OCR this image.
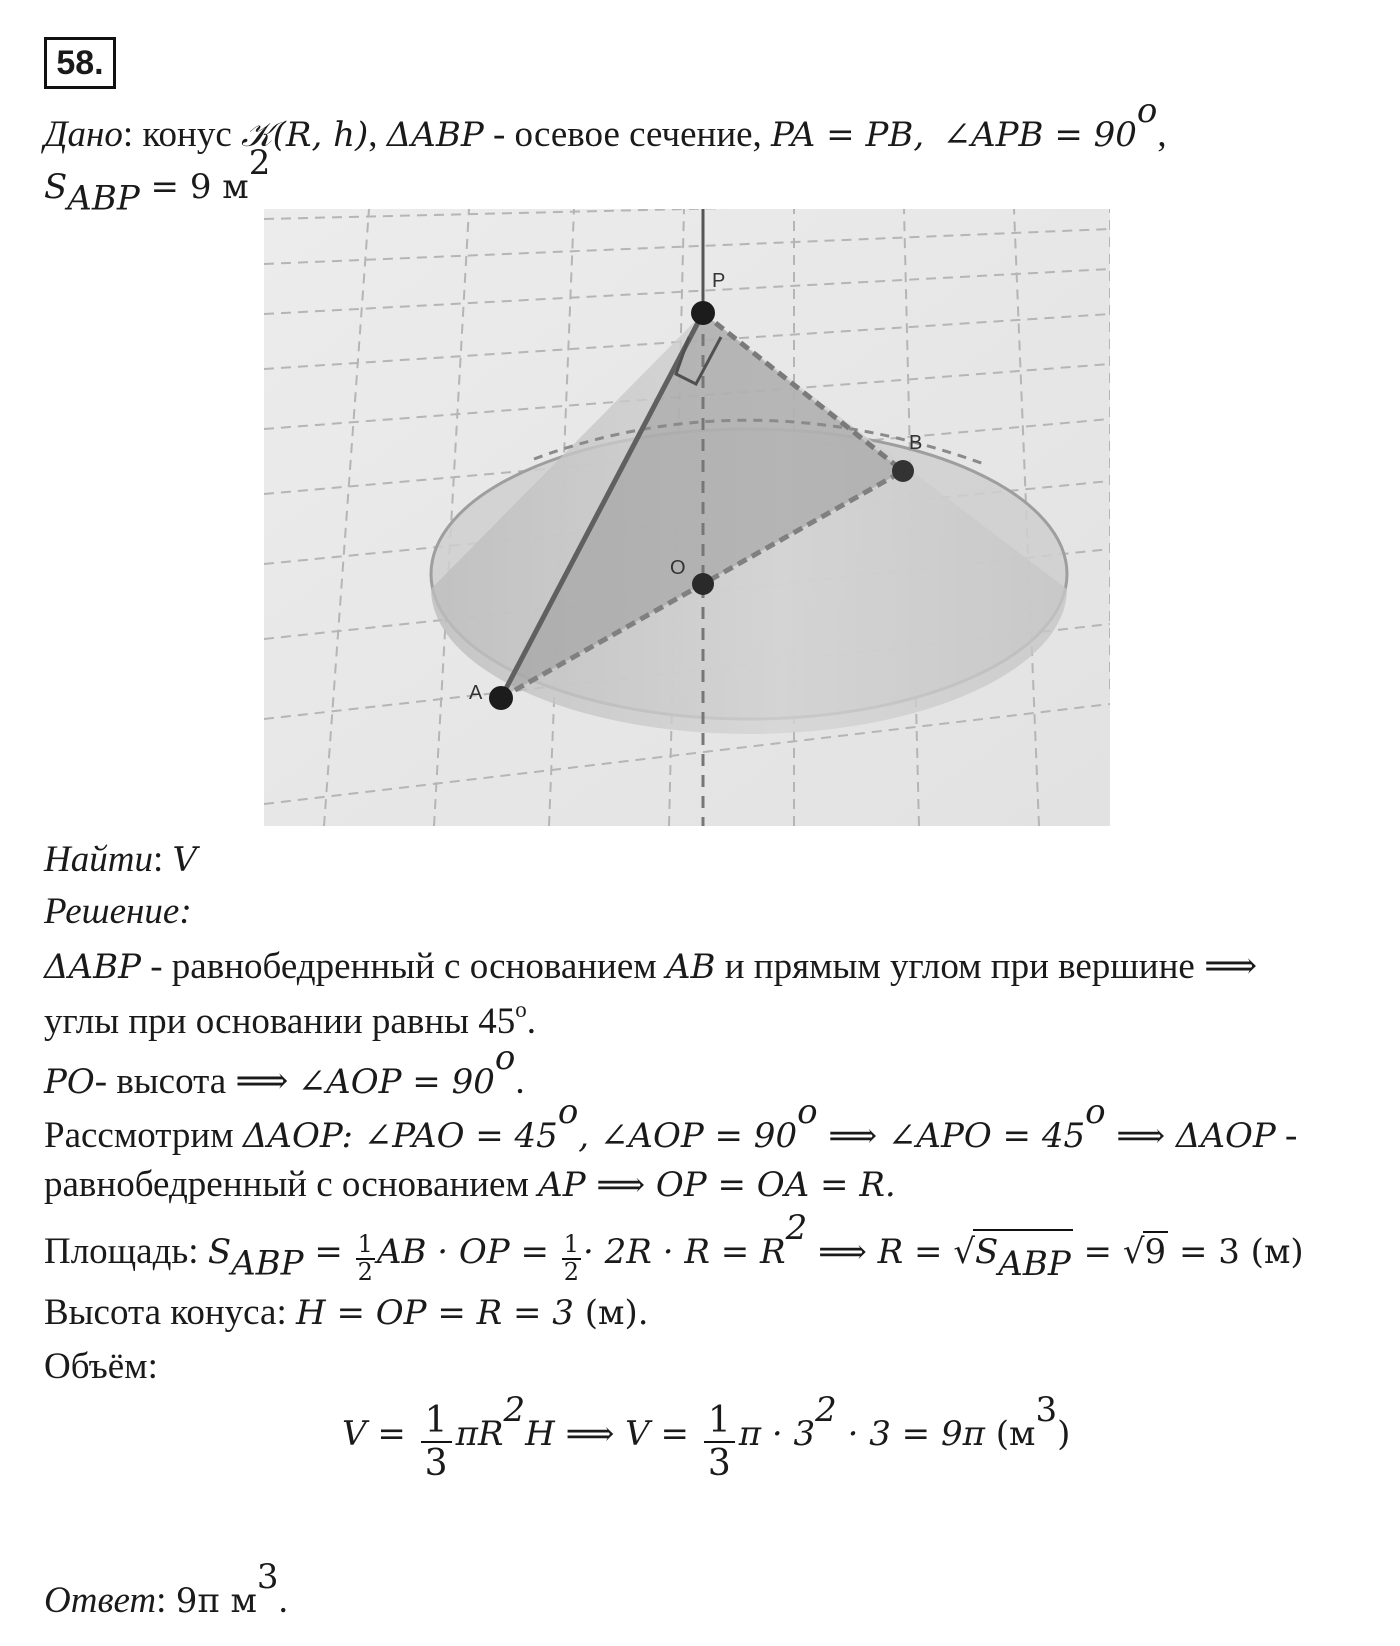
58.
Дано: конус 𝒦(R, h), ΔABP - осевое сечение, PA = PB, ∠APB = $90^o$,
$S_{ABP} = 9$ $м^2$
P
B
O
A
Найти: V
Решение:
ΔABP - равнобедренный с основанием AB и прямым углом при вершине ⟹
углы при основании равны 45$^o$.
PO- высота ⟹ ∠AOP = $90^o$.
Рассмотрим ΔAOP: ∠PAO = $45^o$, ∠AOP = $90^o$ ⟹ ∠APO = $45^o$ ⟹ ΔAOP -
равнобедренный с основанием AP ⟹ OP = OA = R.
Площадь: $S_{ABP} = \frac{1}{2}$ AB · OP = $\frac{1}{2} \cdot 2R \cdot R = R^2$ ⟹ $R = √S_{ABP} = √9 = 3$ (м)
Высота конуса: H = OP = R = 3 (м).
Объём:
$V = \frac{1}{3} \pi R^2H$ ⟹ $V = \frac{1}{3}$ $\pi \cdot 3^2 \cdot 3 = 9\pi$ $(м^3)$
Ответ: 9π $м^3$.
